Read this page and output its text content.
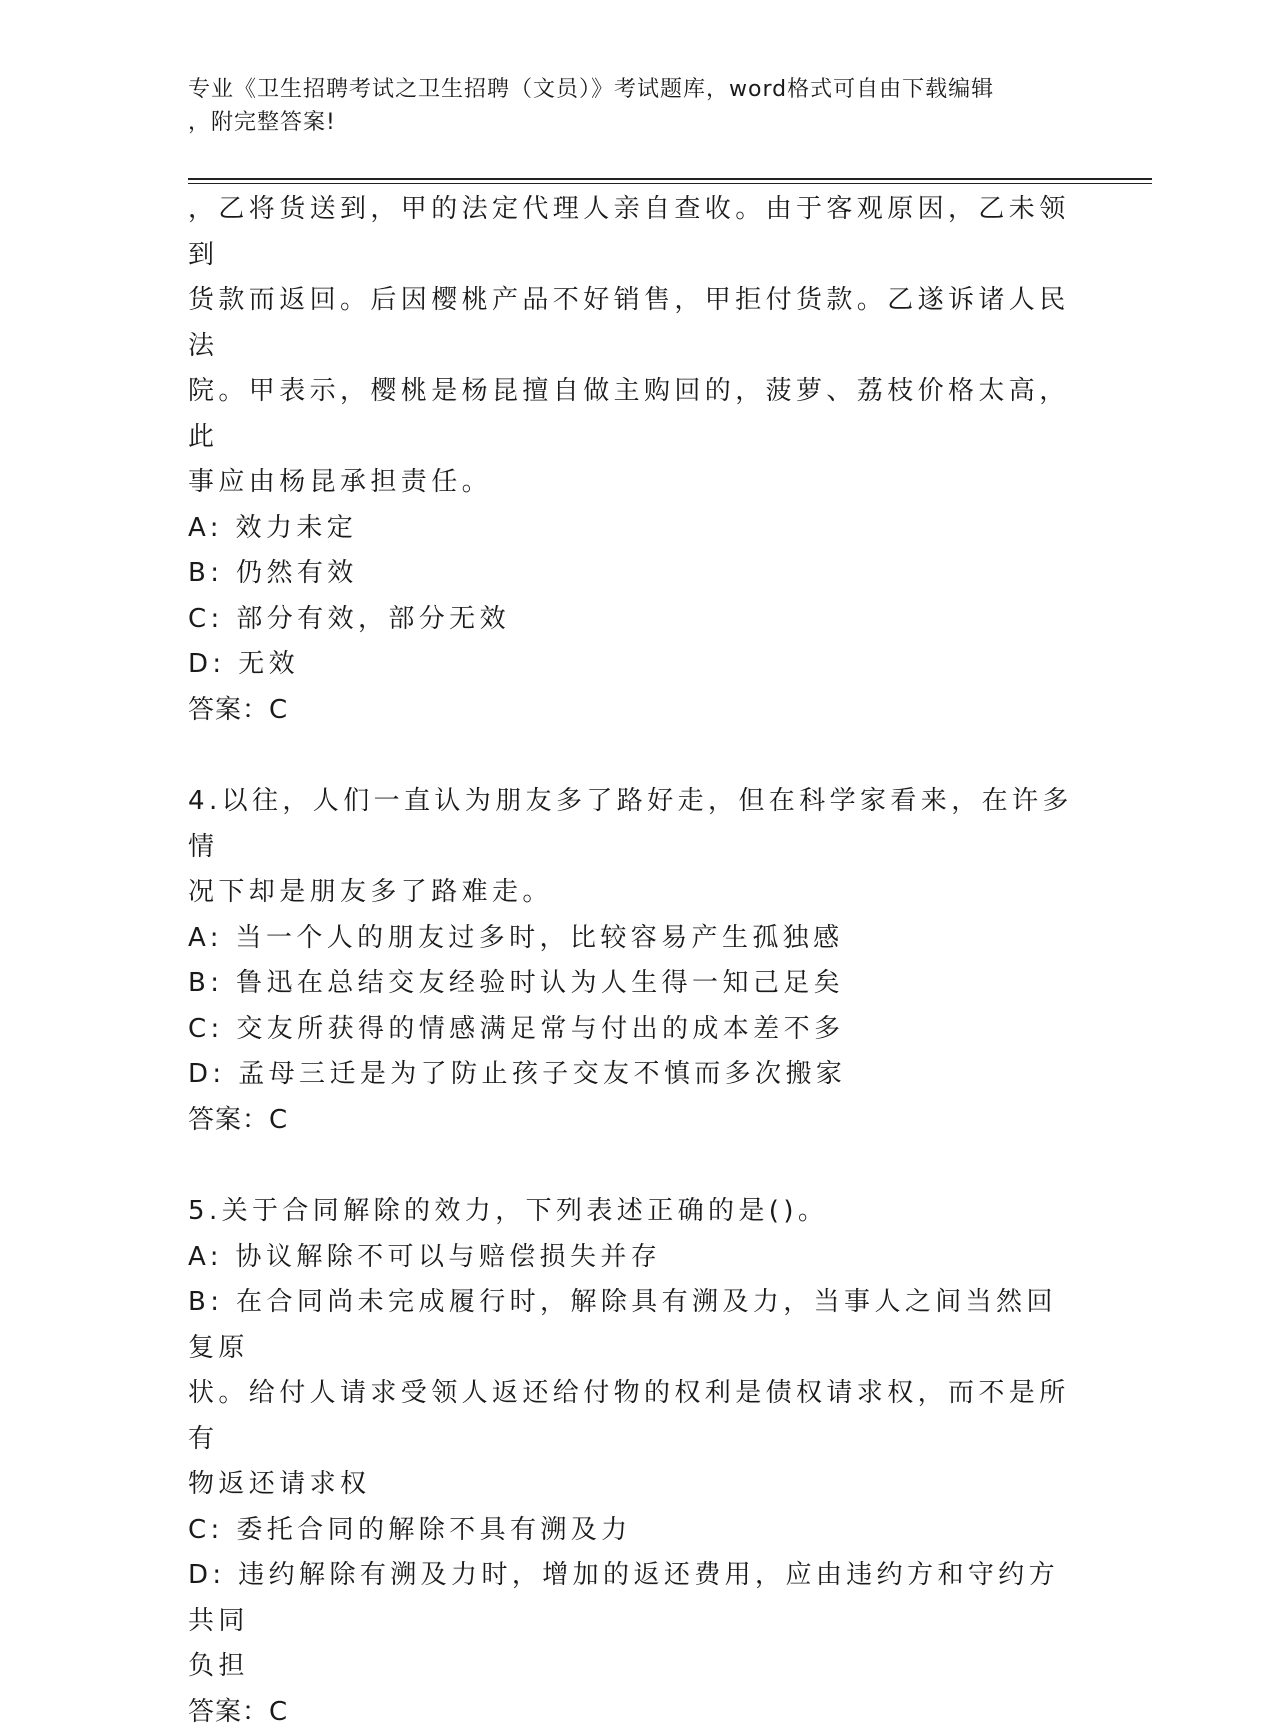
专业《卫生招聘考试之卫生招聘（文员）》考试题库，word格式可自由下载编辑
，附完整答案!

，乙将货送到，甲的法定代理人亲自查收。由于客观原因，乙未领到

货款而返回。后因樱桃产品不好销售，甲拒付货款。乙遂诉诸人民法

院。甲表示，樱桃是杨昆擅自做主购回的，菠萝、荔枝价格太高，此

事应由杨昆承担责任。

A: 效力未定

B: 仍然有效

C: 部分有效，部分无效

D: 无效

答案：C

4.以往，人们一直认为朋友多了路好走，但在科学家看来，在许多情

况下却是朋友多了路难走。

A: 当一个人的朋友过多时，比较容易产生孤独感

B: 鲁迅在总结交友经验时认为人生得一知己足矣

C: 交友所获得的情感满足常与付出的成本差不多

D: 孟母三迁是为了防止孩子交友不慎而多次搬家

答案：C

5.关于合同解除的效力，下列表述正确的是()。

A: 协议解除不可以与赔偿损失并存

B: 在合同尚未完成履行时，解除具有溯及力，当事人之间当然回复原

状。给付人请求受领人返还给付物的权利是债权请求权，而不是所有

物返还请求权

C: 委托合同的解除不具有溯及力

D: 违约解除有溯及力时，增加的返还费用，应由违约方和守约方共同

负担

答案：C
